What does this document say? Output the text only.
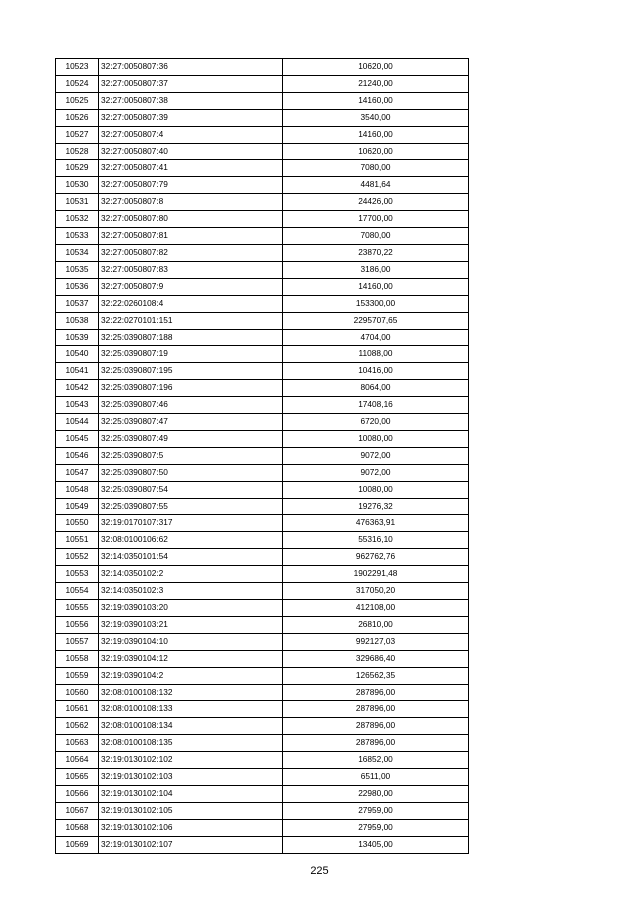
10523	32:27:0050807:36	10620,00
10524	32:27:0050807:37	21240,00
10525	32:27:0050807:38	14160,00
10526	32:27:0050807:39	3540,00
10527	32:27:0050807:4	14160,00
10528	32:27:0050807:40	10620,00
10529	32:27:0050807:41	7080,00
10530	32:27:0050807:79	4481,64
10531	32:27:0050807:8	24426,00
10532	32:27:0050807:80	17700,00
10533	32:27:0050807:81	7080,00
10534	32:27:0050807:82	23870,22
10535	32:27:0050807:83	3186,00
10536	32:27:0050807:9	14160,00
10537	32:22:0260108:4	153300,00
10538	32:22:0270101:151	2295707,65
10539	32:25:0390807:188	4704,00
10540	32:25:0390807:19	11088,00
10541	32:25:0390807:195	10416,00
10542	32:25:0390807:196	8064,00
10543	32:25:0390807:46	17408,16
10544	32:25:0390807:47	6720,00
10545	32:25:0390807:49	10080,00
10546	32:25:0390807:5	9072,00
10547	32:25:0390807:50	9072,00
10548	32:25:0390807:54	10080,00
10549	32:25:0390807:55	19276,32
10550	32:19:0170107:317	476363,91
10551	32:08:0100106:62	55316,10
10552	32:14:0350101:54	962762,76
10553	32:14:0350102:2	1902291,48
10554	32:14:0350102:3	317050,20
10555	32:19:0390103:20	412108,00
10556	32:19:0390103:21	26810,00
10557	32:19:0390104:10	992127,03
10558	32:19:0390104:12	329686,40
10559	32:19:0390104:2	126562,35
10560	32:08:0100108:132	287896,00
10561	32:08:0100108:133	287896,00
10562	32:08:0100108:134	287896,00
10563	32:08:0100108:135	287896,00
10564	32:19:0130102:102	16852,00
10565	32:19:0130102:103	6511,00
10566	32:19:0130102:104	22980,00
10567	32:19:0130102:105	27959,00
10568	32:19:0130102:106	27959,00
10569	32:19:0130102:107	13405,00
225
